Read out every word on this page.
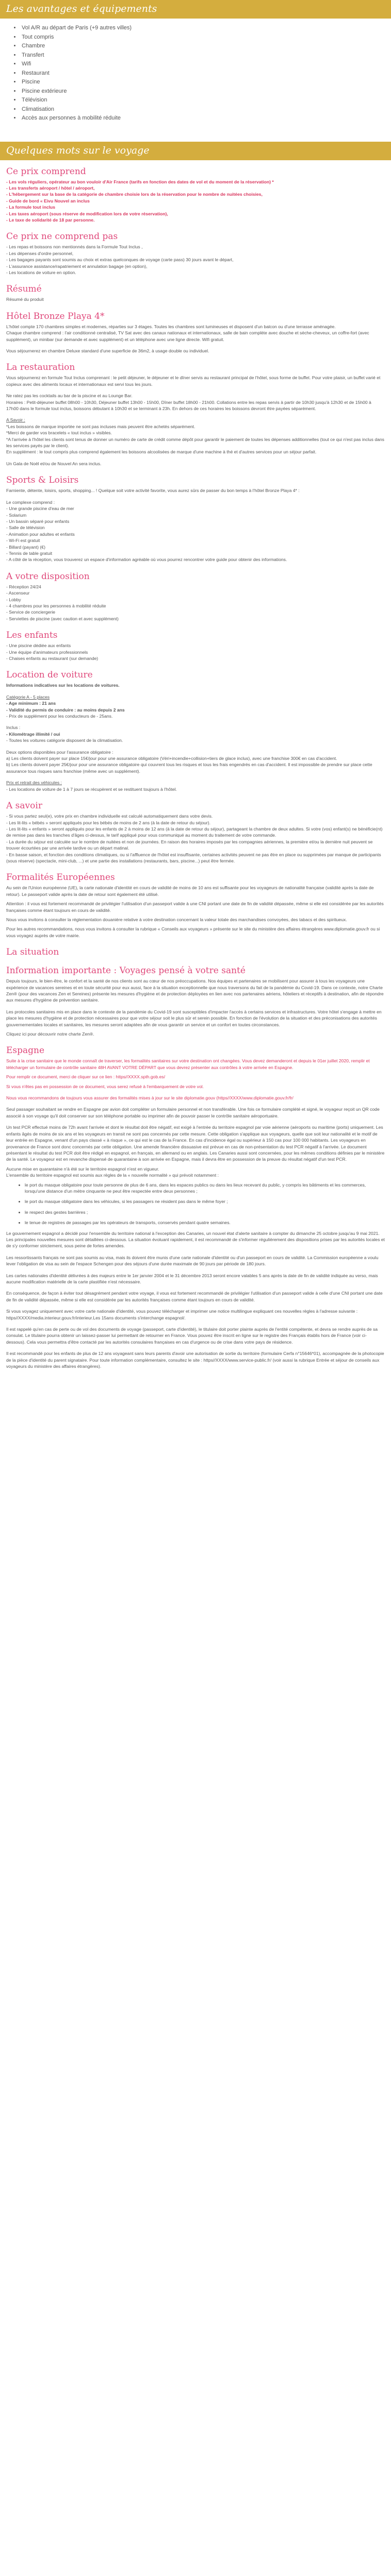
Les avantages et équipements
• Vol A/R au départ de Paris (+9 autres villes)
• Tout compris
• Chambre
• Transfert
• Wifi
• Restaurant
• Piscine
• Piscine extérieure
• Télévision
• Climatisation
• Accès aux personnes à mobilité réduite
Quelques mots sur le voyage
Ce prix comprend

- Les vols réguliers, opérateur au bon vouloir d'Air France (tarifs en fonction des dates de vol et du moment de la réservation) *

- Les transferts aéroport / hôtel / aéroport,

- L'hébergement sur la base de la catégorie de chambre choisie lors de la réservation pour le nombre de nuitées choisies,

- Guide de bord « Eivu Nouvel an inclus

- La formule tout inclus

- Les taxes aéroport (sous réserve de modification lors de votre réservation),

- Le taxe de solidarité de 18 par personne.

Ce prix ne comprend pas

- Les repas et boissons non mentionnés dans la Formule Tout Inclus ,

- Les dépenses d'ordre personnel,

- Les bagages payants sont soumis au choix et extras quelconques de voyage (carte pass) 30 jours avant le départ,

- L'assurance assistance/rapatriement et annulation bagage (en option),

- Les locations de voiture en option.

Résumé

Résumé du produit

Hôtel Bronze Playa 4*

L'hôtel compte 170 chambres simples et modernes, réparties sur 3 étages. Toutes les chambres sont lumineuses et disposent d'un balcon ou d'une terrasse aménagée.

Chaque chambre comprend : l'air conditionné centralisé, TV Sat avec des canaux nationaux et internationaux, salle de bain complète avec douche et sèche-cheveux, un coffre-fort (avec supplément), un minibar (sur demande et avec supplément) et un téléphone avec une ligne directe. Wifi gratuit.

Vous séjournerez en chambre Deluxe standard d'une superficie de 36m2, à usage double ou individuel.

La restauration

Vous séjournerez en formule Tout Inclus comprenant : le petit déjeuner, le déjeuner et le dîner servis au restaurant principal de l'hôtel, sous forme de buffet. Pour votre plaisir, un buffet varié et copieux avec des aliments locaux et internationaux est servi tous les jours.

Ne ratez pas les cocktails au bar de la piscine et au Lounge Bar.

Horaires : Petit-déjeuner buffet 08h00 - 10h30, Déjeuner buffet 13h00 - 15h00, Dîner buffet 18h00 - 21h00. Collations entre les repas servis à partir de 10h30 jusqu'à 12h30 et de 15h00 à 17h00 dans le formule tout inclus, boissons débutant à 10h30 et se terminant à 23h. En dehors de ces horaires les boissons devront être payées séparément.

A Savoir :

*Les boissons de marque importée ne sont pas incluses mais peuvent être achetés séparément.

*Merci de garder vos bracelets « tout inclus » visibles.

*A l'arrivée à l'hôtel les clients sont tenus de donner un numéro de carte de crédit comme dépôt pour garantir le paiement de toutes les dépenses additionnelles (tout ce qui n'est pas inclus dans les services payés par le client).

En supplément : le tout compris plus comprend également les boissons alcoolisées de marque d'une machine à thé et d'autres services pour un séjour parfait.

Un Gala de Noël et/ou de Nouvel An sera inclus.

Sports & Loisirs

Farniente, détente, loisirs, sports, shopping... ! Quelque soit votre activité favorite, vous aurez sûrs de passer du bon temps à l'hôtel Bronze Playa 4* :

Le complexe comprend :

- Une grande piscine d'eau de mer

- Solarium

- Un bassin séparé pour enfants

- Salle de télévision

- Animation pour adultes et enfants

- Wi-Fi est gratuit

- Billard (payant) (€)

- Tennis de table gratuit

- A côté de la réception, vous trouverez un espace d'information agréable où vous pourrez rencontrer votre guide pour obtenir des informations.

A votre disposition

- Réception 24/24

- Ascenseur

- Lobby

- 4 chambres pour les personnes à mobilité réduite

- Service de conciergerie

- Serviettes de piscine (avec caution et avec supplément)

Les enfants

- Une piscine dédiée aux enfants

- Une équipe d'animateurs professionnels

- Chaises enfants au restaurant (sur demande)

Location de voiture

Informations indicatives sur les locations de voitures.

Catégorie A - 5 places

- Age minimum : 21 ans

- Validité du permis de conduire : au moins depuis 2 ans

- Prix de supplément pour les conducteurs de - 25ans.

Inclus :

- Kilométrage illimité / oui

- Toutes les voitures catégorie disposent de la climatisation.

Deux options disponibles pour l'assurance obligatoire :

a) Les clients doivent payer sur place 15€/jour pour une assurance obligatoire (Véri+incendie+collision+tiers de glace inclus), avec une franchise 300€ en cas d'accident.

b) Les clients doivent payer 25€/jour pour une assurance obligatoire qui couvrent tous les risques et tous les frais engendrés en cas d'accident. Il est impossible de prendre sur place cette assurance tous risques sans franchise (même avec un supplément).

Prix et retrait des véhicules :

- Les locations de voiture de 1 à 7 jours se récupèrent et se restituent toujours à l'hôtel.

A savoir

- Si vous partez seul(e), votre prix en chambre individuelle est calculé automatiquement dans votre devis.

- Les lit-lits « bébés » seront appliqués pour les bébés de moins de 2 ans (à la date de retour du séjour).

- Les lit-lits « enfants » seront appliqués pour les enfants de 2 à moins de 12 ans (à la date de retour du séjour), partageant la chambre de deux adultes. Si votre (vos) enfant(s) ne bénéficie(nt) de remise pas dans les tranches d'âges ci-dessus, le tarif appliqué pour vous communiqué au moment du traitement de votre commande.

- La durée du séjour est calculée sur le nombre de nuitées et non de journées. En raison des horaires imposés par les compagnies aériennes, la première et/ou la dernière nuit peuvent se trouver écourtées par une arrivée tardive ou un départ matinal.

- En basse saison, et fonction des conditions climatiques, ou si l'affluence de l'hôtel est insuffisante, certaines activités peuvent ne pas être en place ou supprimées par manque de participants (sous réserve) (spectacle, mini-club, ...) et une partie des installations (restaurants, bars, piscine...) peut être fermée.

Formalités Européennes

Au sein de l'Union européenne (UE), la carte nationale d'identité en cours de validité de moins de 10 ans est suffisante pour les voyageurs de nationalité française (validité après la date de retour). Le passeport valide après la date de retour sont également été utilisé.

Attention : il vous est fortement recommandé de privilégier l'utilisation d'un passeport valide à une CNI portant une date de fin de validité dépassée, même si elle est considérée par les autorités françaises comme étant toujours en cours de validité.

Nous vous invitons à consulter la réglementation douanière relative à votre destination concernant la valeur totale des marchandises convoyées, des tabacs et des spiritueux.

Pour les autres recommandations, nous vous invitons à consulter la rubrique « Conseils aux voyageurs » présente sur le site du ministère des affaires étrangères www.diplomatie.gouv.fr ou si vous voyagez auprès de votre mairie.

La situation
Information importante : Voyages pensé à votre santé

Depuis toujours, le bien-être, le confort et la santé de nos clients sont au cœur de nos préoccupations. Nos équipes et partenaires se mobilisent pour assurer à tous les voyageurs une expérience de vacances sereines et en toute sécurité pour eux aussi, face à la situation exceptionnelle que nous traversons du fait de la pandémie du Covid-19. Dans ce contexte, notre Charte Zen® (pour des vacances Zen et Sereines) présente les mesures d'hygiène et de protection déployées en lien avec nos partenaires aériens, hôteliers et réceptifs à destination, afin de répondre aux mesures d'hygiène de prévention sanitaire.

Les protocoles sanitaires mis en place dans le contexte de la pandémie du Covid-19 sont susceptibles d'impacter l'accès à certains services et infrastructures. Votre hôtel s'engage à mettre en place les mesures d'hygiène et de protection nécessaires pour que votre séjour soit le plus sûr et serein possible. En fonction de l'évolution de la situation et des préconisations des autorités gouvernementales locales et sanitaires, les mesures seront adaptées afin de vous garantir un service et un confort en toutes circonstances.

Cliquez ici pour découvrir notre charte Zen®.

Espagne

Suite à la crise sanitaire que le monde connaît de traverser, les formalités sanitaires sur votre destination ont changées. Vous devez demanderont et depuis le 01er juillet 2020, remplir et télécharger un formulaire de contrôle sanitaire 48H AVANT VOTRE DÉPART que vous devrez présenter aux contrôles à votre arrivée en Espagne.

Pour remplir ce document, merci de cliquer sur ce lien : https//XXXX.spth.gob.es/

Si vous n'êtes pas en possession de ce document, vous serez refusé à l'embarquement de votre vol.

Nous vous recommandons de toujours vous assurer des formalités mises à jour sur le site diplomatie.gouv (https//XXXX/www.diplomatie.gouv.fr/fr/

Seul passager souhaitant se rendre en Espagne par avion doit compléter un formulaire personnel et non transférable. Une fois ce formulaire complété et signé, le voyageur reçoit un QR code associé à son voyage qu'il doit conserver sur son téléphone portable ou imprimer afin de pouvoir passer le contrôle sanitaire aéroportuaire.

Un test PCR effectué moins de 72h avant l'arrivée et dont le résultat doit être négatif, est exigé à l'entrée du territoire espagnol par voie aérienne (aéroports ou maritime (ports) uniquement. Les enfants âgés de moins de six ans et les voyageurs en transit ne sont pas concernés par cette mesure. Cette obligation s'applique aux voyageurs, quelle que soit leur nationalité et le motif de leur entrée en Espagne, venant d'un pays classé « à risque », ce qui est le cas de la France. En cas d'incidence égal ou supérieur à 150 cas pour 100 000 habitants. Les voyageurs en provenance de France sont donc concernés par cette obligation. Une amende financière dissuasive est prévue en cas de non-présentation du test PCR négatif à l'arrivée. Le document présentant le résultat du test PCR doit être rédigé en espagnol, en français, en allemand ou en anglais. Les Canaries aussi sont concernées, pour les mêmes conditions définies par le ministère de la santé. Le voyageur est en revanche dispensé de quarantaine à son arrivée en Espagne, mais il devra être en possession de la preuve du résultat négatif d'un test PCR.

Aucune mise en quarantaine n'à été sur le territoire espagnol n'est en vigueur.

L'ensemble du territoire espagnol est soumis aux règles de la « nouvelle normalité » qui prévoit notamment :

• le port du masque obligatoire pour toute personne de plus de 6 ans, dans les espaces publics ou dans les lieux recevant du public, y compris les bâtiments et les commerces, lorsqu'une distance d'un mètre cinquante ne peut être respectée entre deux personnes ;
• le port du masque obligatoire dans les véhicules, si les passagers ne résident pas dans le même foyer ;
• le respect des gestes barrières ;
• le tenue de registres de passages par les opérateurs de transports, conservés pendant quatre semaines.

Le gouvernement espagnol a décidé pour l'ensemble du territoire national à l'exception des Canaries, un nouvel état d'alerte sanitaire à compter du dimanche 25 octobre jusqu'au 9 mai 2021. Les principales nouvelles mesures sont détaillées ci-dessous. La situation évoluant rapidement, il est recommandé de s'informer régulièrement des dispositions prises par les autorités locales et de s'y conformer strictement, sous peine de fortes amendes.

Les ressortissants français ne sont pas soumis au visa, mais ils doivent être munis d'une carte nationale d'identité ou d'un passeport en cours de validité. La Commission européenne a voulu lever l'obligation de visa au sein de l'espace Schengen pour des séjours d'une durée maximale de 90 jours par période de 180 jours.

Les cartes nationales d'identité délivrées à des majeurs entre le 1er janvier 2004 et le 31 décembre 2013 seront encore valables 5 ans après la date de fin de validité indiquée au verso, mais aucune modification matérielle de la carte plastifiée n'est nécessaire.

En conséquence, de façon à éviter tout désagrément pendant votre voyage, il vous est fortement recommandé de privilégier l'utilisation d'un passeport valide à celle d'une CNI portant une date de fin de validité dépassée, même si elle est considérée par les autorités françaises comme étant toujours en cours de validité.

Si vous voyagez uniquement avec votre carte nationale d'identité, vous pouvez télécharger et imprimer une notice multilingue expliquant ces nouvelles règles à l'adresse suivante : https//XXXX/media.interieur.gouv.fr/interieur.Les 15ans documents s'interchange espagnol/.

Il est rappelé qu'en cas de perte ou de vol des documents de voyage (passeport, carte d'identité), le titulaire doit porter plainte auprès de l'entité compétente, et devra se rendre auprès de sa consulat. Le titulaire pourra obtenir un laissez-passer lui permettant de retourner en France. Vous pouvez être inscrit en ligne sur le registre des Français établis hors de France (voir ci-dessous). Cela vous permettra d'être contacté par les autorités consulaires françaises en cas d'urgence ou de crise dans votre pays de résidence.

Il est recommandé pour les enfants de plus de 12 ans voyageant sans leurs parents d'avoir une autorisation de sortie du territoire (formulaire Cerfa n°15646*01), accompagnée de la photocopie de la pièce d'identité du parent signataire. Pour toute information complémentaire, consultez le site : https//XXXX/www.service-public.fr/ (voir aussi la rubrique Entrée et séjour de conseils aux voyageurs du ministère des affaires étrangères).
